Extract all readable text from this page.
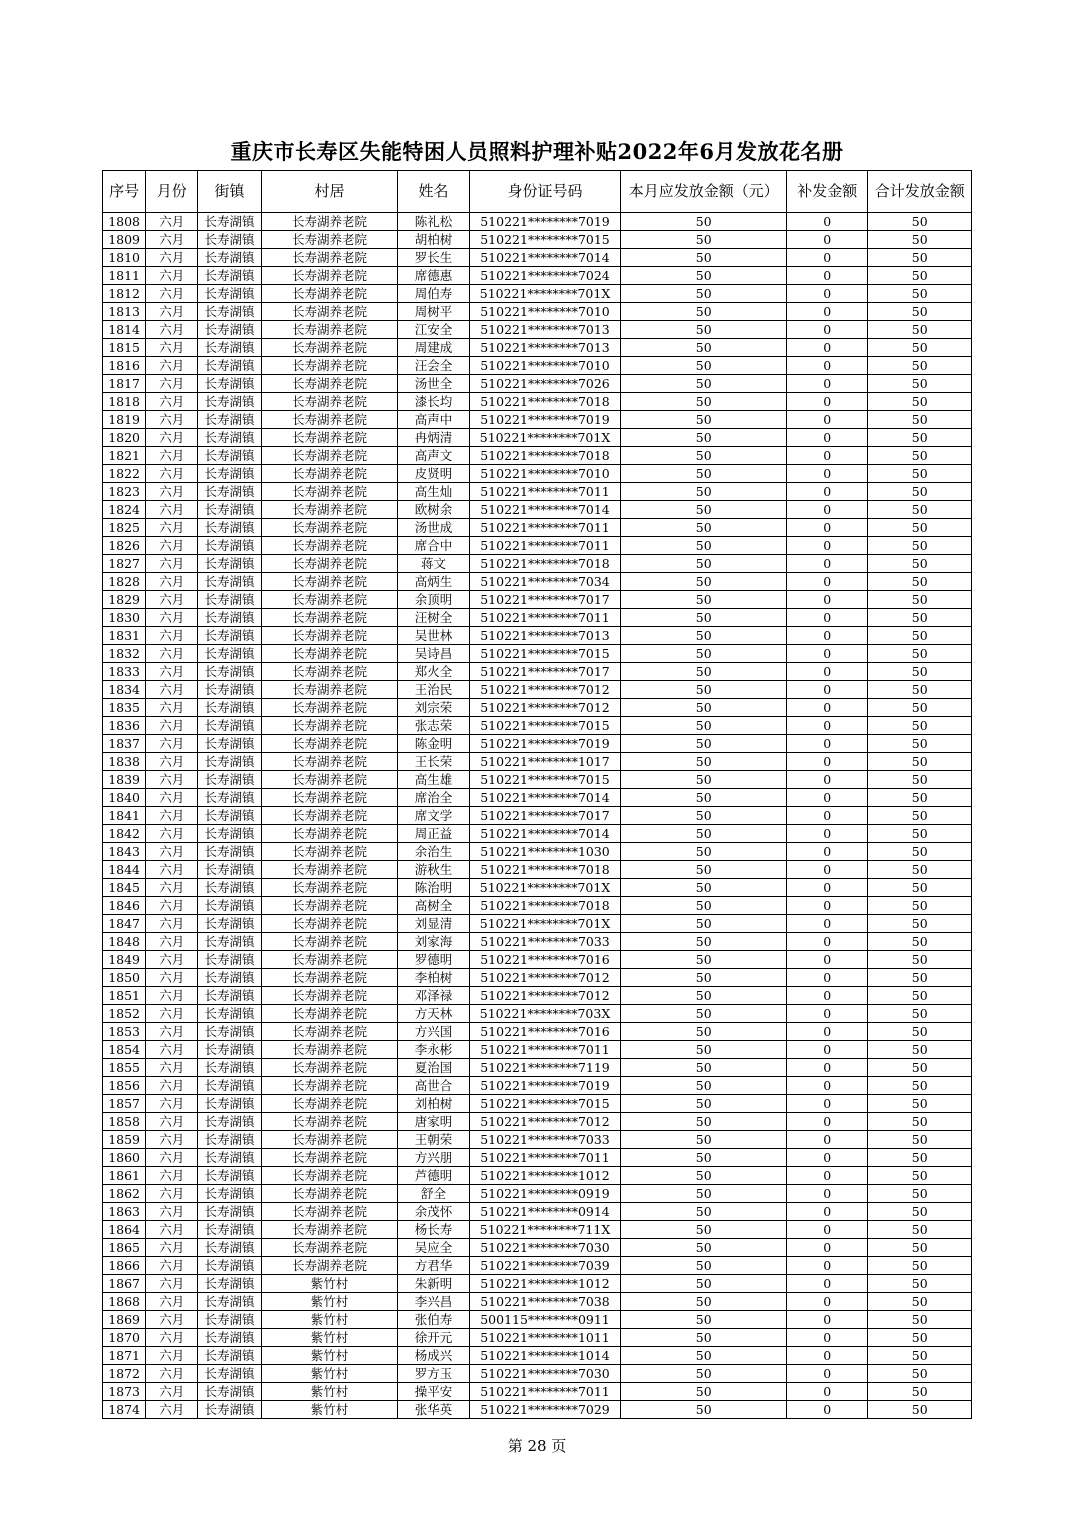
重庆市长寿区失能特困人员照料护理补贴2022年6月发放花名册
序号	月份	街镇	村居	姓名	身份证号码	本月应发放金额（元）	补发金额	合计发放金额
1808	六月	长寿湖镇	长寿湖养老院	陈礼松	510221********7019	50	0	50
1809	六月	长寿湖镇	长寿湖养老院	胡柏树	510221********7015	50	0	50
1810	六月	长寿湖镇	长寿湖养老院	罗长生	510221********7014	50	0	50
1811	六月	长寿湖镇	长寿湖养老院	席德惠	510221********7024	50	0	50
1812	六月	长寿湖镇	长寿湖养老院	周伯寿	510221********701X	50	0	50
1813	六月	长寿湖镇	长寿湖养老院	周树平	510221********7010	50	0	50
1814	六月	长寿湖镇	长寿湖养老院	江安全	510221********7013	50	0	50
1815	六月	长寿湖镇	长寿湖养老院	周建成	510221********7013	50	0	50
1816	六月	长寿湖镇	长寿湖养老院	汪会全	510221********7010	50	0	50
1817	六月	长寿湖镇	长寿湖养老院	汤世全	510221********7026	50	0	50
1818	六月	长寿湖镇	长寿湖养老院	漆长均	510221********7018	50	0	50
1819	六月	长寿湖镇	长寿湖养老院	高声中	510221********7019	50	0	50
1820	六月	长寿湖镇	长寿湖养老院	冉炳清	510221********701X	50	0	50
1821	六月	长寿湖镇	长寿湖养老院	高声文	510221********7018	50	0	50
1822	六月	长寿湖镇	长寿湖养老院	皮贤明	510221********7010	50	0	50
1823	六月	长寿湖镇	长寿湖养老院	高生灿	510221********7011	50	0	50
1824	六月	长寿湖镇	长寿湖养老院	欧树余	510221********7014	50	0	50
1825	六月	长寿湖镇	长寿湖养老院	汤世成	510221********7011	50	0	50
1826	六月	长寿湖镇	长寿湖养老院	席合中	510221********7011	50	0	50
1827	六月	长寿湖镇	长寿湖养老院	蒋文	510221********7018	50	0	50
1828	六月	长寿湖镇	长寿湖养老院	高炳生	510221********7034	50	0	50
1829	六月	长寿湖镇	长寿湖养老院	余顶明	510221********7017	50	0	50
1830	六月	长寿湖镇	长寿湖养老院	汪树全	510221********7011	50	0	50
1831	六月	长寿湖镇	长寿湖养老院	吴世林	510221********7013	50	0	50
1832	六月	长寿湖镇	长寿湖养老院	吴诗昌	510221********7015	50	0	50
1833	六月	长寿湖镇	长寿湖养老院	郑火全	510221********7017	50	0	50
1834	六月	长寿湖镇	长寿湖养老院	王治民	510221********7012	50	0	50
1835	六月	长寿湖镇	长寿湖养老院	刘宗荣	510221********7012	50	0	50
1836	六月	长寿湖镇	长寿湖养老院	张志荣	510221********7015	50	0	50
1837	六月	长寿湖镇	长寿湖养老院	陈金明	510221********7019	50	0	50
1838	六月	长寿湖镇	长寿湖养老院	王长荣	510221********1017	50	0	50
1839	六月	长寿湖镇	长寿湖养老院	高生雄	510221********7015	50	0	50
1840	六月	长寿湖镇	长寿湖养老院	席治全	510221********7014	50	0	50
1841	六月	长寿湖镇	长寿湖养老院	席文学	510221********7017	50	0	50
1842	六月	长寿湖镇	长寿湖养老院	周正益	510221********7014	50	0	50
1843	六月	长寿湖镇	长寿湖养老院	余治生	510221********1030	50	0	50
1844	六月	长寿湖镇	长寿湖养老院	游秋生	510221********7018	50	0	50
1845	六月	长寿湖镇	长寿湖养老院	陈治明	510221********701X	50	0	50
1846	六月	长寿湖镇	长寿湖养老院	高树全	510221********7018	50	0	50
1847	六月	长寿湖镇	长寿湖养老院	刘显清	510221********701X	50	0	50
1848	六月	长寿湖镇	长寿湖养老院	刘家海	510221********7033	50	0	50
1849	六月	长寿湖镇	长寿湖养老院	罗德明	510221********7016	50	0	50
1850	六月	长寿湖镇	长寿湖养老院	李柏树	510221********7012	50	0	50
1851	六月	长寿湖镇	长寿湖养老院	邓泽禄	510221********7012	50	0	50
1852	六月	长寿湖镇	长寿湖养老院	方天林	510221********703X	50	0	50
1853	六月	长寿湖镇	长寿湖养老院	方兴国	510221********7016	50	0	50
1854	六月	长寿湖镇	长寿湖养老院	李永彬	510221********7011	50	0	50
1855	六月	长寿湖镇	长寿湖养老院	夏治国	510221********7119	50	0	50
1856	六月	长寿湖镇	长寿湖养老院	高世合	510221********7019	50	0	50
1857	六月	长寿湖镇	长寿湖养老院	刘柏树	510221********7015	50	0	50
1858	六月	长寿湖镇	长寿湖养老院	唐家明	510221********7012	50	0	50
1859	六月	长寿湖镇	长寿湖养老院	王朝荣	510221********7033	50	0	50
1860	六月	长寿湖镇	长寿湖养老院	方兴朋	510221********7011	50	0	50
1861	六月	长寿湖镇	长寿湖养老院	芦德明	510221********1012	50	0	50
1862	六月	长寿湖镇	长寿湖养老院	舒全	510221********0919	50	0	50
1863	六月	长寿湖镇	长寿湖养老院	余茂怀	510221********0914	50	0	50
1864	六月	长寿湖镇	长寿湖养老院	杨长寿	510221********711X	50	0	50
1865	六月	长寿湖镇	长寿湖养老院	吴应全	510221********7030	50	0	50
1866	六月	长寿湖镇	长寿湖养老院	方君华	510221********7039	50	0	50
1867	六月	长寿湖镇	紫竹村	朱新明	510221********1012	50	0	50
1868	六月	长寿湖镇	紫竹村	李兴昌	510221********7038	50	0	50
1869	六月	长寿湖镇	紫竹村	张伯寿	500115********0911	50	0	50
1870	六月	长寿湖镇	紫竹村	徐开元	510221********1011	50	0	50
1871	六月	长寿湖镇	紫竹村	杨成兴	510221********1014	50	0	50
1872	六月	长寿湖镇	紫竹村	罗方玉	510221********7030	50	0	50
1873	六月	长寿湖镇	紫竹村	操平安	510221********7011	50	0	50
1874	六月	长寿湖镇	紫竹村	张华英	510221********7029	50	0	50
第 28 页
